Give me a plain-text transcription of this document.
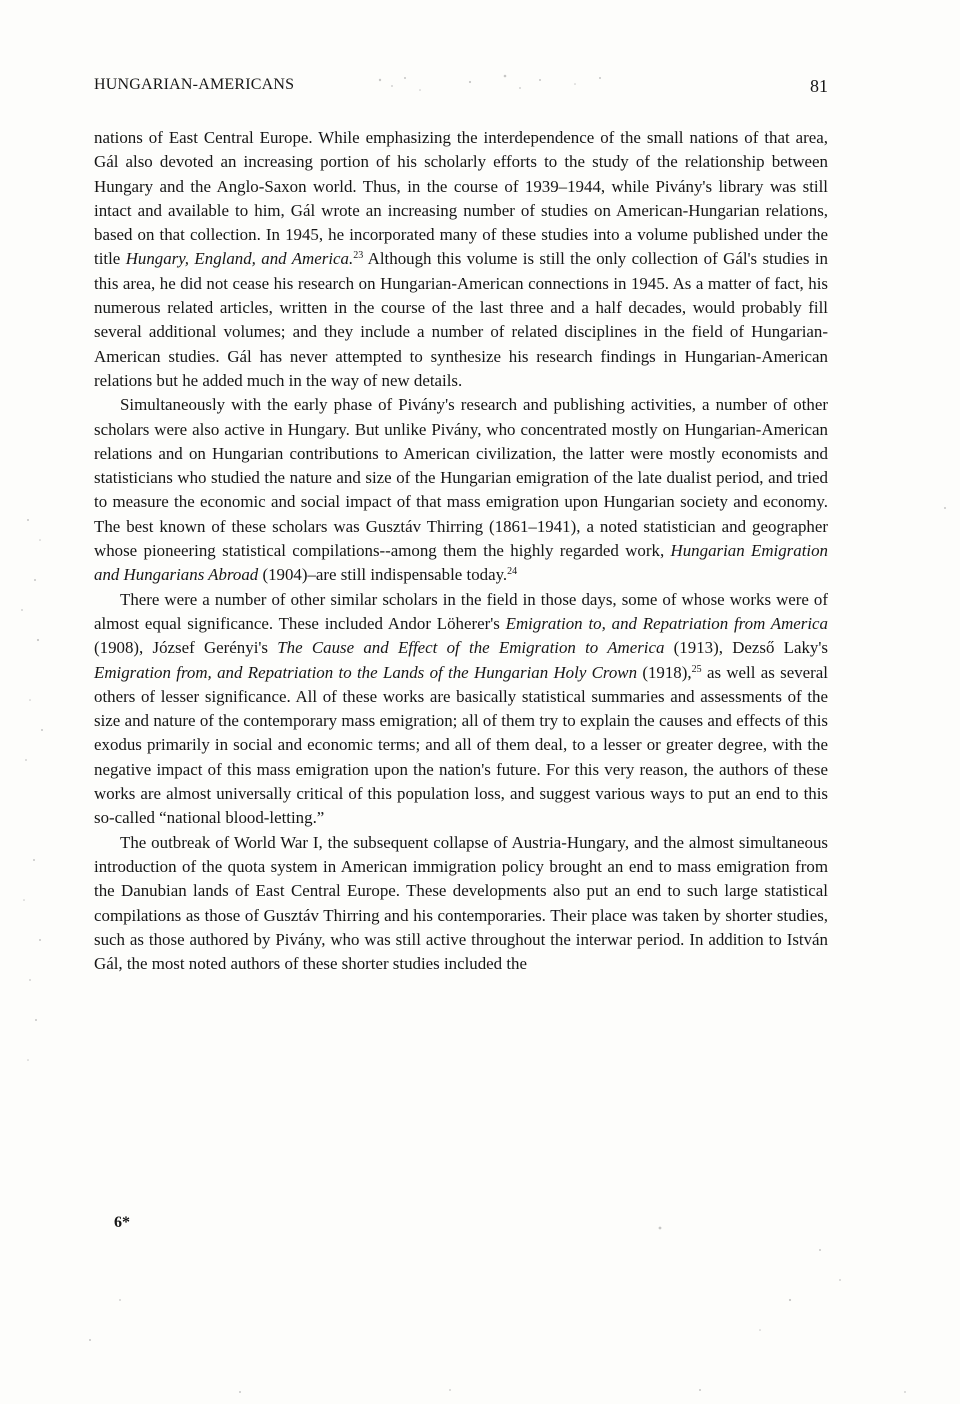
HUNGARIAN-AMERICANS	81

nations of East Central Europe. While emphasizing the interdependence of the small nations of that area, Gál also devoted an increasing portion of his scholarly efforts to the study of the relationship between Hungary and the Anglo-Saxon world. Thus, in the course of 1939–1944, while Pivány's library was still intact and available to him, Gál wrote an increasing number of studies on American-Hungarian relations, based on that collection. In 1945, he incorporated many of these studies into a volume published under the title Hungary, England, and America.$^{23}$ Although this volume is still the only collection of Gál's studies in this area, he did not cease his research on Hungarian-American connections in 1945. As a matter of fact, his numerous related articles, written in the course of the last three and a half decades, would probably fill several additional volumes; and they include a number of related disciplines in the field of Hungarian-American studies. Gál has never attempted to synthesize his research findings in Hungarian-American relations but he added much in the way of new details.

Simultaneously with the early phase of Pivány's research and publishing activities, a number of other scholars were also active in Hungary. But unlike Pivány, who concentrated mostly on Hungarian-American relations and on Hungarian contributions to American civilization, the latter were mostly economists and statisticians who studied the nature and size of the Hungarian emigration of the late dualist period, and tried to measure the economic and social impact of that mass emigration upon Hungarian society and economy. The best known of these scholars was Gusztáv Thirring (1861–1941), a noted statistician and geographer whose pioneering statistical compilations--among them the highly regarded work, Hungarian Emigration and Hungarians Abroad (1904)–are still indispensable today.$^{24}$

There were a number of other similar scholars in the field in those days, some of whose works were of almost equal significance. These included Andor Löherer's Emigration to, and Repatriation from America (1908), József Gerényi's The Cause and Effect of the Emigration to America (1913), Dezső Laky's Emigration from, and Repatriation to the Lands of the Hungarian Holy Crown (1918),$^{25}$ as well as several others of lesser significance. All of these works are basically statistical summaries and assessments of the size and nature of the contemporary mass emigration; all of them try to explain the causes and effects of this exodus primarily in social and economic terms; and all of them deal, to a lesser or greater degree, with the negative impact of this mass emigration upon the nation's future. For this very reason, the authors of these works are almost universally critical of this population loss, and suggest various ways to put an end to this so-called “national blood-letting.”

The outbreak of World War I, the subsequent collapse of Austria-Hungary, and the almost simultaneous introduction of the quota system in American immigration policy brought an end to mass emigration from the Danubian lands of East Central Europe. These developments also put an end to such large statistical compilations as those of Gusztáv Thirring and his contemporaries. Their place was taken by shorter studies, such as those authored by Pivány, who was still active throughout the interwar period. In addition to István Gál, the most noted authors of these shorter studies included the

6*
